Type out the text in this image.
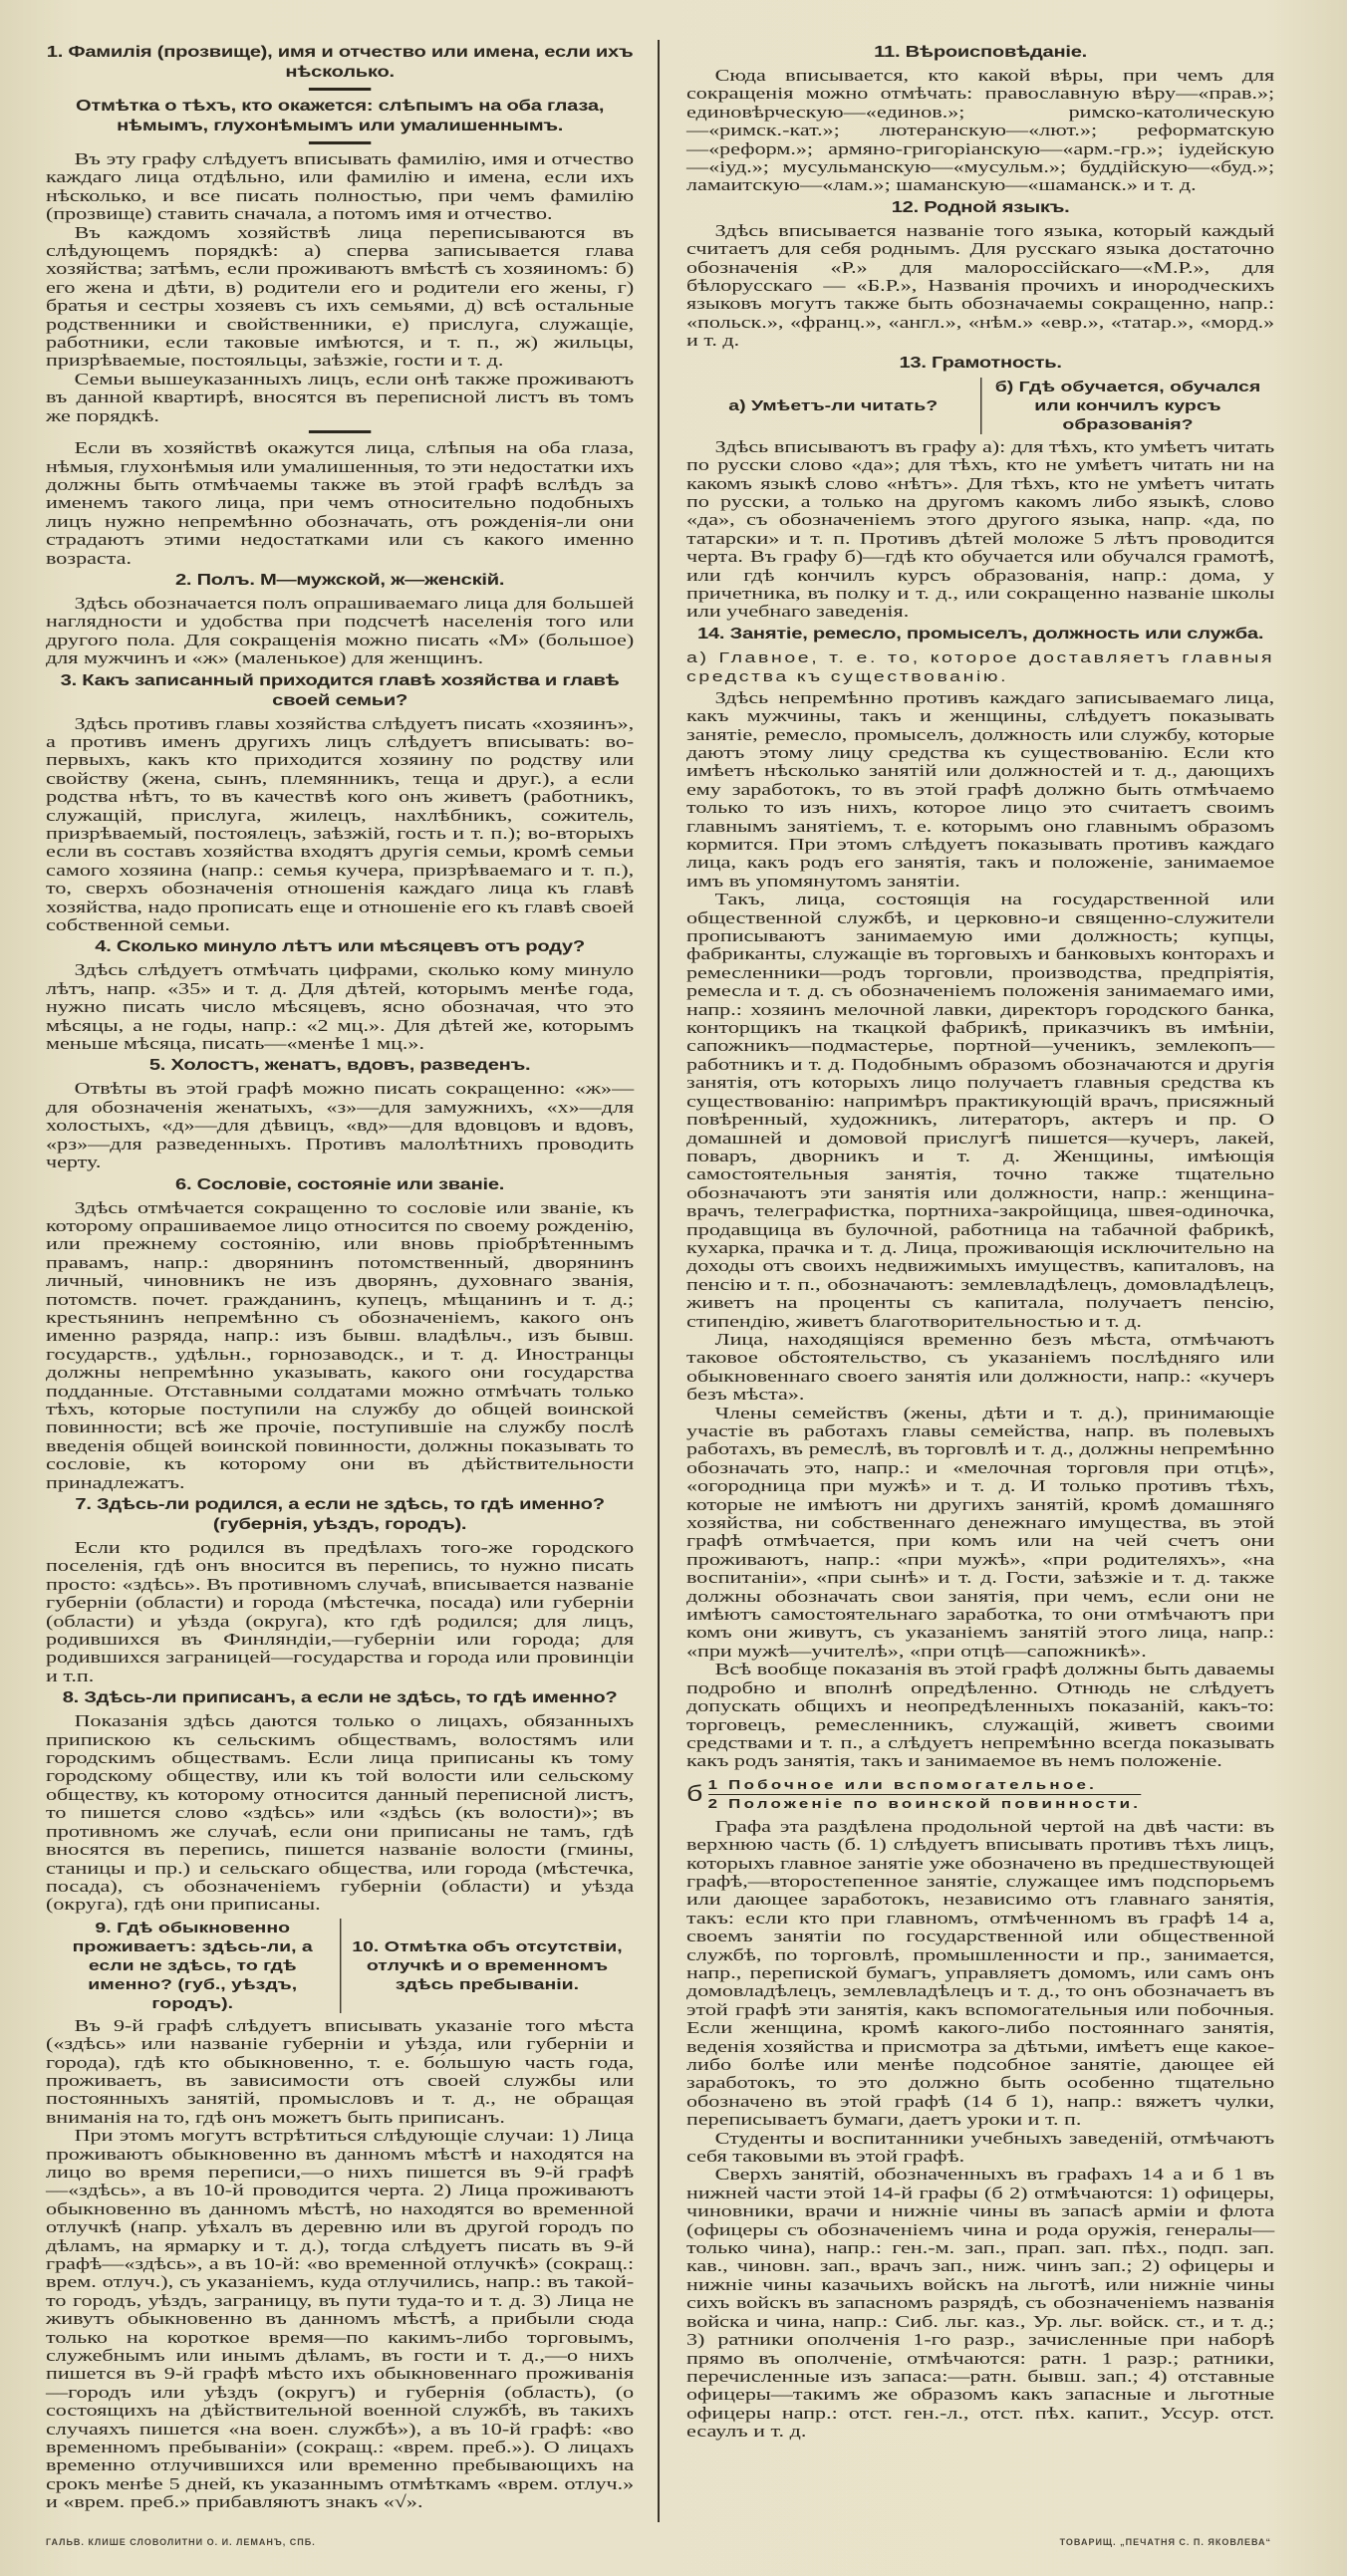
1. Фамилія (прозвище), имя и отчество или имена, если ихъ нѣсколько.
Отмѣтка о тѣхъ, кто окажется: слѣпымъ на оба глаза, нѣмымъ, глухонѣмымъ или умалишеннымъ.

Въ эту графу слѣдуетъ вписывать фамилію, имя и отчество каждаго лица отдѣльно, или фамилію и имена, если ихъ нѣсколько, и все писать полностью, при чемъ фамилію (прозвище) ставить сначала, а потомъ имя и отчество.

Въ каждомъ хозяйствѣ лица переписываются въ слѣдующемъ порядкѣ: а) сперва записывается глава хозяйства; затѣмъ, если проживаютъ вмѣстѣ съ хозяиномъ: б) его жена и дѣти, в) родители его и родители его жены, г) братья и сестры хозяевъ съ ихъ семьями, д) всѣ остальные родственники и свойственники, е) прислуга, служащіе, работники, если таковые имѣются, и т. п., ж) жильцы, призрѣваемые, постояльцы, заѣзжіе, гости и т. д.

Семьи вышеуказанныхъ лицъ, если онѣ также проживаютъ въ данной квартирѣ, вносятся въ переписной листъ въ томъ же порядкѣ.

Если въ хозяйствѣ окажутся лица, слѣпыя на оба глаза, нѣмыя, глухонѣмыя или умалишенныя, то эти недостатки ихъ должны быть отмѣчаемы также въ этой графѣ вслѣдъ за именемъ такого лица, при чемъ относительно подобныхъ лицъ нужно непремѣнно обозначать, отъ рожденія-ли они страдаютъ этими недостатками или съ какого именно возраста.

2. Полъ. М—мужской, ж—женскій.

Здѣсь обозначается полъ опрашиваемаго лица для большей наглядности и удобства при подсчетѣ населенія того или другого пола. Для сокращенія можно писать «М» (большое) для мужчинъ и «ж» (маленькое) для женщинъ.

3. Какъ записанный приходится главѣ хозяйства и главѣ своей семьи?

Здѣсь противъ главы хозяйства слѣдуетъ писать «хозяинъ», а противъ именъ другихъ лицъ слѣдуетъ вписывать: во-первыхъ, какъ кто приходится хозяину по родству или свойству (жена, сынъ, племянникъ, теща и друг.), а если родства нѣтъ, то въ качествѣ кого онъ живетъ (работникъ, служащій, прислуга, жилецъ, нахлѣбникъ, сожитель, призрѣваемый, постоялецъ, заѣзжій, гость и т. п.); во-вторыхъ если въ составъ хозяйства входятъ другія семьи, кромѣ семьи самого хозяина (напр.: семья кучера, призрѣваемаго и т. п.), то, сверхъ обозначенія отношенія каждаго лица къ главѣ хозяйства, надо прописать еще и отношеніе его къ главѣ своей собственной семьи.

4. Сколько минуло лѣтъ или мѣсяцевъ отъ роду?

Здѣсь слѣдуетъ отмѣчать цифрами, сколько кому минуло лѣтъ, напр. «35» и т. д. Для дѣтей, которымъ менѣе года, нужно писать число мѣсяцевъ, ясно обозначая, что это мѣсяцы, а не годы, напр.: «2 мц.». Для дѣтей же, которымъ меньше мѣсяца, писать—«менѣе 1 мц.».

5. Холостъ, женатъ, вдовъ, разведенъ.

Отвѣты въ этой графѣ можно писать сокращенно: «ж»—для обозначенія женатыхъ, «з»—для замужнихъ, «х»—для холостыхъ, «д»—для дѣвицъ, «вд»—для вдовцовъ и вдовъ, «рз»—для разведенныхъ. Противъ малолѣтнихъ проводить черту.

6. Сословіе, состояніе или званіе.

Здѣсь отмѣчается сокращенно то сословіе или званіе, къ которому опрашиваемое лицо относится по своему рожденію, или прежнему состоянію, или вновь пріобрѣтеннымъ правамъ, напр.: дворянинъ потомственный, дворянинъ личный, чиновникъ не изъ дворянъ, духовнаго званія, потомств. почет. гражданинъ, купецъ, мѣщанинъ и т. д.; крестьянинъ непремѣнно съ обозначеніемъ, какого онъ именно разряда, напр.: изъ бывш. владѣльч., изъ бывш. государств., удѣльн., горнозаводск., и т. д. Иностранцы должны непремѣнно указывать, какого они государства подданные. Отставными солдатами можно отмѣчать только тѣхъ, которые поступили на службу до общей воинской повинности; всѣ же прочіе, поступившіе на службу послѣ введенія общей воинской повинности, должны показывать то сословіе, къ которому они въ дѣйствительности принадлежатъ.

7. Здѣсь-ли родился, а если не здѣсь, то гдѣ именно? (губернія, уѣздъ, городъ).

Если кто родился въ предѣлахъ того-же городского поселенія, гдѣ онъ вносится въ перепись, то нужно писать просто: «здѣсь». Въ противномъ случаѣ, вписывается названіе губерніи (области) и города (мѣстечка, посада) или губерніи (области) и уѣзда (округа), кто гдѣ родился; для лицъ, родившихся въ Финляндіи,—губерніи или города; для родившихся заграницей—государства и города или провинціи и т.п.

8. Здѣсь-ли приписанъ, а если не здѣсь, то гдѣ именно?

Показанія здѣсь даются только о лицахъ, обязанныхъ припискою къ сельскимъ обществамъ, волостямъ или городскимъ обществамъ. Если лица приписаны къ тому городскому обществу, или къ той волости или сельскому обществу, къ которому относится данный переписной листъ, то пишется слово «здѣсь» или «здѣсь (къ волости)»; въ противномъ же случаѣ, если они приписаны не тамъ, гдѣ вносятся въ перепись, пишется названіе волости (гмины, станицы и пр.) и сельскаго общества, или города (мѣстечка, посада), съ обозначеніемъ губерніи (области) и уѣзда (округа), гдѣ они приписаны.

9. Гдѣ обыкновенно проживаетъ: здѣсь-ли, а если не здѣсь, то гдѣ именно? (губ., уѣздъ, городъ).
10. Отмѣтка объ отсутствіи, отлучкѣ и о временномъ здѣсь пребываніи.

Въ 9-й графѣ слѣдуетъ вписывать указаніе того мѣста («здѣсь» или названіе губерніи и уѣзда, или губерніи и города), гдѣ кто обыкновенно, т. е. бо́льшую часть года, проживаетъ, въ зависимости отъ своей службы или постоянныхъ занятій, промысловъ и т. д., не обращая вниманія на то, гдѣ онъ можетъ быть приписанъ.

При этомъ могутъ встрѣтиться слѣдующіе случаи: 1) Лица проживаютъ обыкновенно въ данномъ мѣстѣ и находятся на лицо во время переписи,—о нихъ пишется въ 9-й графѣ—«здѣсь», а въ 10-й проводится черта. 2) Лица проживаютъ обыкновенно въ данномъ мѣстѣ, но находятся во временной отлучкѣ (напр. уѣхалъ въ деревню или въ другой городъ по дѣламъ, на ярмарку и т. д.), тогда слѣдуетъ писать въ 9-й графѣ—«здѣсь», а въ 10-й: «во временной отлучкѣ» (сокращ.: врем. отлуч.), съ указаніемъ, куда отлучились, напр.: въ такой-то городъ, уѣздъ, заграницу, въ пути туда-то и т. д. 3) Лица не живутъ обыкновенно въ данномъ мѣстѣ, а прибыли сюда только на короткое время—по какимъ-либо торговымъ, служебнымъ или инымъ дѣламъ, въ гости и т. д.,—о нихъ пишется въ 9-й графѣ мѣсто ихъ обыкновеннаго проживанія—городъ или уѣздъ (округъ) и губернія (область), (о состоящихъ на дѣйствительной военной службѣ, въ такихъ случаяхъ пишется «на воен. службѣ»), а въ 10-й графѣ: «во временномъ пребываніи» (сокращ.: «врем. преб.»). О лицахъ временно отлучившихся или временно пребывающихъ на срокъ менѣе 5 дней, къ указаннымъ отмѣткамъ «врем. отлуч.» и «врем. преб.» прибавляютъ знакъ «√».

11. Вѣроисповѣданіе.

Сюда вписывается, кто какой вѣры, при чемъ для сокращенія можно отмѣчать: православную вѣру—«прав.»; единовѣрческую—«единов.»; римско-католическую—«римск.-кат.»; лютеранскую—«лют.»; реформатскую—«реформ.»; армяно-григоріанскую—«арм.-гр.»; іудейскую—«іуд.»; мусульманскую—«мусульм.»; буддійскую—«буд.»; ламаитскую—«лам.»; шаманскую—«шаманск.» и т. д.

12. Родной языкъ.

Здѣсь вписывается названіе того языка, который каждый считаетъ для себя роднымъ. Для русскаго языка достаточно обозначенія «Р.» для малороссійскаго—«М.Р.», для бѣлорусскаго — «Б.Р.», Названія прочихъ и инородческихъ языковъ могутъ также быть обозначаемы сокращенно, напр.: «польск.», «франц.», «англ.», «нѣм.» «евр.», «татар.», «морд.» и т. д.

13. Грамотность.
а) Умѣетъ-ли читать?
б) Гдѣ обучается, обучался или кончилъ курсъ образованія?

Здѣсь вписываютъ въ графу а): для тѣхъ, кто умѣетъ читать по русски слово «да»; для тѣхъ, кто не умѣетъ читать ни на какомъ языкѣ слово «нѣтъ». Для тѣхъ, кто не умѣетъ читать по русски, а только на другомъ какомъ либо языкѣ, слово «да», съ обозначеніемъ этого другого языка, напр. «да, по татарски» и т. п. Противъ дѣтей моложе 5 лѣтъ проводится черта. Въ графу б)—гдѣ кто обучается или обучался грамотѣ, или гдѣ кончилъ курсъ образованія, напр.: дома, у причетника, въ полку и т. д., или сокращенно названіе школы или учебнаго заведенія.

14. Занятіе, ремесло, промыселъ, должность или служба.
а) Главное, т. е. то, которое доставляетъ главныя средства къ существованію.

Здѣсь непремѣнно противъ каждаго записываемаго лица, какъ мужчины, такъ и женщины, слѣдуетъ показывать занятіе, ремесло, промыселъ, должность или службу, которые даютъ этому лицу средства къ существованію. Если кто имѣетъ нѣсколько занятій или должностей и т. д., дающихъ ему заработокъ, то въ этой графѣ должно быть отмѣчаемо только то изъ нихъ, которое лицо это считаетъ своимъ главнымъ занятіемъ, т. е. которымъ оно главнымъ образомъ кормится. При этомъ слѣдуетъ показывать противъ каждаго лица, какъ родъ его занятія, такъ и положеніе, занимаемое имъ въ упомянутомъ занятіи.

Такъ, лица, состоящія на государственной или общественной службѣ, и церковно-и священно-служители прописываютъ занимаемую ими должность; купцы, фабриканты, служащіе въ торговыхъ и банковыхъ конторахъ и ремесленники—родъ торговли, производства, предпріятія, ремесла и т. д. съ обозначеніемъ положенія занимаемаго ими, напр.: хозяинъ мелочной лавки, директоръ городского банка, конторщикъ на ткацкой фабрикѣ, приказчикъ въ имѣніи, сапожникъ—подмастерье, портной—ученикъ, землекопъ—работникъ и т. д. Подобнымъ образомъ обозначаются и другія занятія, отъ которыхъ лицо получаетъ главныя средства къ существованію: напримѣръ практикующій врачъ, присяжный повѣренный, художникъ, литераторъ, актеръ и пр. О домашней и домовой прислугѣ пишется—кучеръ, лакей, поваръ, дворникъ и т. д. Женщины, имѣющія самостоятельныя занятія, точно также тщательно обозначаютъ эти занятія или должности, напр.: женщина-врачъ, телеграфистка, портниха-закройщица, швея-одиночка, продавщица въ булочной, работница на табачной фабрикѣ, кухарка, прачка и т. д. Лица, проживающія исключительно на доходы отъ своихъ недвижимыхъ имуществъ, капиталовъ, на пенсію и т. п., обозначаютъ: землевладѣлецъ, домовладѣлецъ, живетъ на проценты съ капитала, получаетъ пенсію, стипендію, живетъ благотворительностью и т. д.

Лица, находящіяся временно безъ мѣста, отмѣчаютъ таковое обстоятельство, съ указаніемъ послѣдняго или обыкновеннаго своего занятія или должности, напр.: «кучеръ безъ мѣста».

Члены семействъ (жены, дѣти и т. д.), принимающіе участіе въ работахъ главы семейства, напр. въ полевыхъ работахъ, въ ремеслѣ, въ торговлѣ и т. д., должны непремѣнно обозначать это, напр.: и «мелочная торговля при отцѣ», «огородница при мужѣ» и т. д. И только противъ тѣхъ, которые не имѣютъ ни другихъ занятій, кромѣ домашняго хозяйства, ни собственнаго денежнаго имущества, въ этой графѣ отмѣчается, при комъ или на чей счетъ они проживаютъ, напр.: «при мужѣ», «при родителяхъ», «на воспитаніи», «при сынѣ» и т. д. Гости, заѣзжіе и т. д. также должны обозначать свои занятія, при чемъ, если они не имѣютъ самостоятельнаго заработка, то они отмѣчаютъ при комъ они живутъ, съ указаніемъ занятій этого лица, напр.: «при мужѣ—учителѣ», «при отцѣ—сапожникѣ».

Всѣ вообще показанія въ этой графѣ должны быть даваемы подробно и вполнѣ опредѣленно. Отнюдь не слѣдуетъ допускать общихъ и неопредѣленныхъ показаній, какъ-то: торговецъ, ремесленникъ, служащій, живетъ своими средствами и т. п., а слѣдуетъ непремѣнно всегда показывать какъ родъ занятія, такъ и занимаемое въ немъ положеніе.

б 1 Побочное или вспомогательное.
2 Положеніе по воинской повинности.

Графа эта раздѣлена продольной чертой на двѣ части: въ верхнюю часть (б. 1) слѣдуетъ вписывать противъ тѣхъ лицъ, которыхъ главное занятіе уже обозначено въ предшествующей графѣ,—второстепенное занятіе, служащее имъ подспорьемъ или дающее заработокъ, независимо отъ главнаго занятія, такъ: если кто при главномъ, отмѣченномъ въ графѣ 14 а, своемъ занятіи по государственной или общественной службѣ, по торговлѣ, промышленности и пр., занимается, напр., перепиской бумагъ, управляетъ домомъ, или самъ онъ домовладѣлецъ, землевладѣлецъ и т. д., то онъ обозначаетъ въ этой графѣ эти занятія, какъ вспомогательныя или побочныя. Если женщина, кромѣ какого-либо постояннаго занятія, веденія хозяйства и присмотра за дѣтьми, имѣетъ еще какое-либо болѣе или менѣе подсобное занятіе, дающее ей заработокъ, то это должно быть особенно тщательно обозначено въ этой графѣ (14 б 1), напр.: вяжетъ чулки, переписываетъ бумаги, даетъ уроки и т. п.

Студенты и воспитанники учебныхъ заведеній, отмѣчаютъ себя таковыми въ этой графѣ.

Сверхъ занятій, обозначенныхъ въ графахъ 14 а и б 1 въ нижней части этой 14-й графы (б 2) отмѣчаются: 1) офицеры, чиновники, врачи и нижніе чины въ запасѣ арміи и флота (офицеры съ обозначеніемъ чина и рода оружія, генералы—только чина), напр.: ген.-м. зап., прап. зап. пѣх., подп. зап. кав., чиновн. зап., врачъ зап., ниж. чинъ зап.; 2) офицеры и нижніе чины казачьихъ войскъ на льготѣ, или нижніе чины сихъ войскъ въ запасномъ разрядѣ, съ обозначеніемъ названія войска и чина, напр.: Сиб. льг. каз., Ур. льг. войск. ст., и т. д.; 3) ратники ополченія 1-го разр., зачисленные при наборѣ прямо въ ополченіе, отмѣчаются: ратн. 1 разр.; ратники, перечисленные изъ запаса:—ратн. бывш. зап.; 4) отставные офицеры—такимъ же образомъ какъ запасные и льготные офицеры напр.: отст. ген.-л., отст. пѣх. капит., Уссур. отст. есаулъ и т. д.

ГАЛЬВ. КЛИШЕ СЛОВОЛИТНИ О. И. ЛЕМАНЪ, СПБ.	ТОВАРИЩ. „ПЕЧАТНЯ С. П. ЯКОВЛЕВА“
